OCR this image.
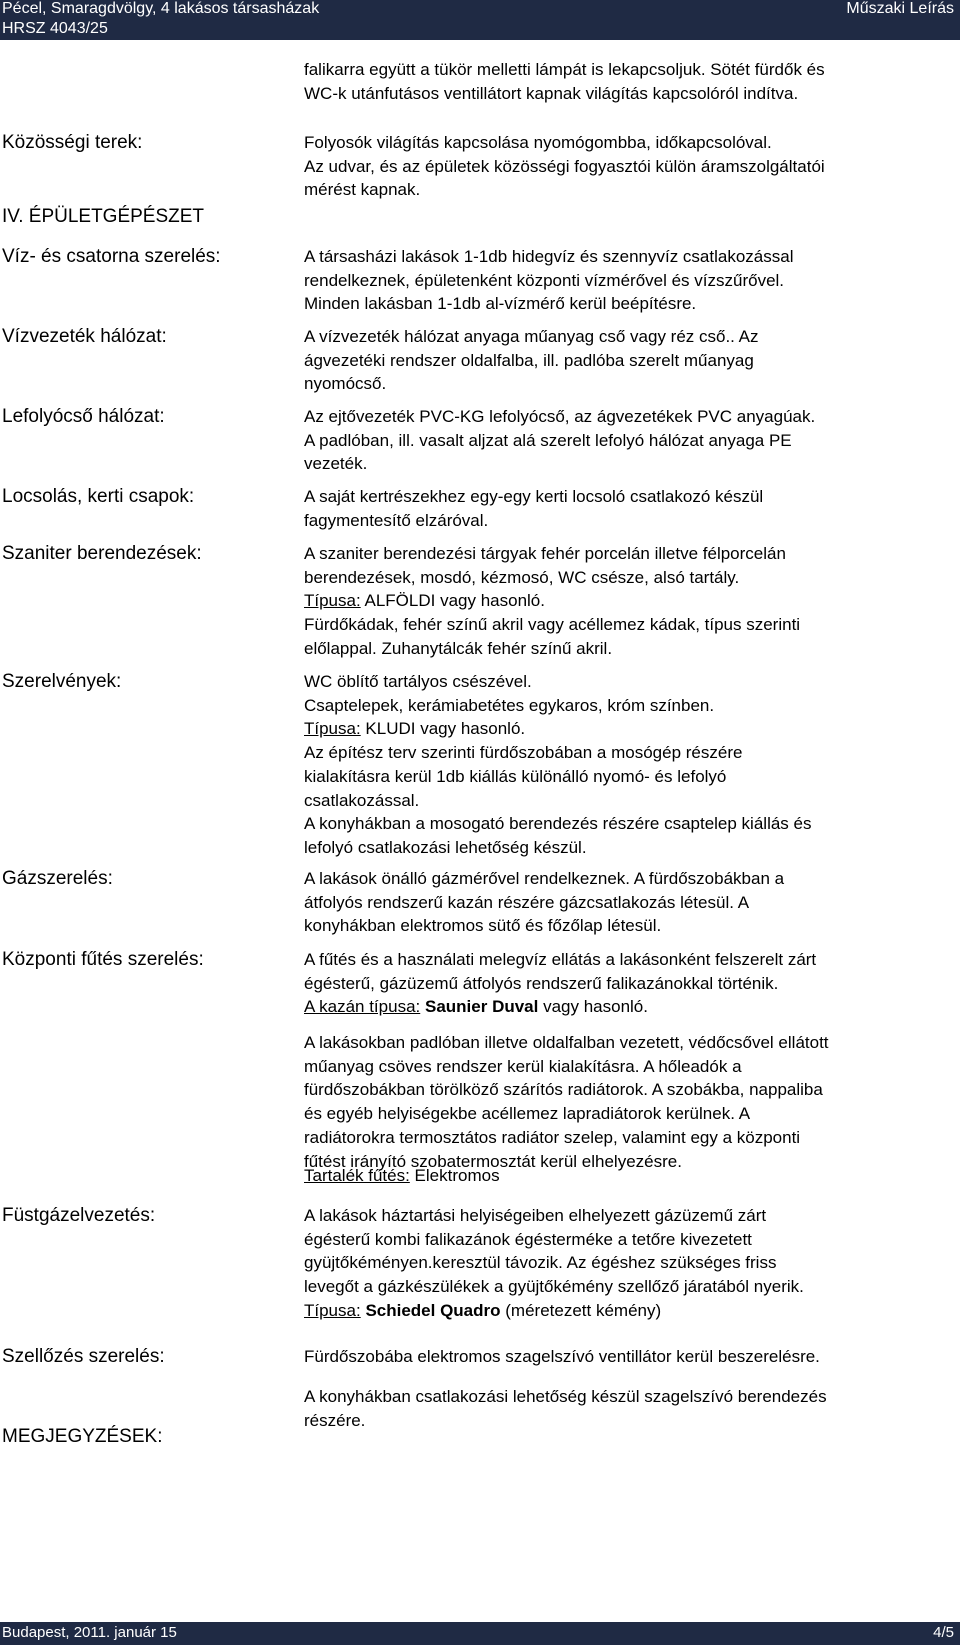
Pécel, Smaragdvölgy, 4 lakásos társasházak
HRSZ 4043/25
Műszaki Leírás
Közösségi terek:
IV. ÉPÜLETGÉPÉSZET
Víz- és csatorna szerelés:
Vízvezeték hálózat:
Lefolyócső hálózat:
Locsolás, kerti csapok:
Szaniter berendezések:
Szerelvények:
Gázszerelés:
Központi fűtés szerelés:
Füstgázelvezetés:
Szellőzés szerelés:
MEGJEGYZÉSEK:
falikarra együtt a tükör melletti lámpát is lekapcsoljuk. Sötét fürdők és
WC-k utánfutásos ventillátort kapnak világítás kapcsolóról indítva.
Folyosók világítás kapcsolása nyomógombba, időkapcsolóval.
Az udvar, és az épületek közösségi fogyasztói külön áramszolgáltatói
mérést kapnak.
A társasházi lakások 1-1db hidegvíz és szennyvíz csatlakozással
rendelkeznek, épületenként központi vízmérővel és vízszűrővel.
Minden lakásban 1-1db al-vízmérő kerül beépítésre.
A vízvezeték hálózat anyaga műanyag cső vagy réz cső.. Az
ágvezetéki rendszer oldalfalba, ill. padlóba szerelt műanyag
nyomócső.
Az ejtővezeték PVC-KG lefolyócső, az ágvezetékek PVC anyagúak.
A padlóban, ill. vasalt aljzat alá szerelt lefolyó hálózat anyaga PE
vezeték.
A saját kertrészekhez egy-egy kerti locsoló csatlakozó készül
fagymentesítő elzáróval.
A szaniter berendezési tárgyak fehér porcelán illetve félporcelán
berendezések, mosdó, kézmosó, WC csésze, alsó tartály.
Típusa: ALFÖLDI vagy hasonló.
Fürdőkádak, fehér színű akril vagy acéllemez kádak, típus szerinti
előlappal. Zuhanytálcák fehér színű akril.
WC öblítő tartályos csészével.
Csaptelepek, kerámiabetétes egykaros, króm színben.
Típusa: KLUDI vagy hasonló.
Az építész terv szerinti fürdőszobában a mosógép részére
kialakításra kerül 1db kiállás különálló nyomó- és lefolyó
csatlakozással.
A konyhákban a mosogató berendezés részére csaptelep kiállás és
lefolyó csatlakozási lehetőség készül.
A lakások önálló gázmérővel rendelkeznek. A fürdőszobákban a
átfolyós rendszerű kazán részére gázcsatlakozás létesül. A
konyhákban elektromos sütő és főzőlap létesül.
A fűtés és a használati melegvíz ellátás a lakásonként felszerelt zárt
égésterű, gázüzemű átfolyós rendszerű falikazánokkal történik.
A kazán típusa: Saunier Duval vagy hasonló.
A lakásokban padlóban illetve oldalfalban vezetett, védőcsővel ellátott
műanyag csöves rendszer kerül kialakításra. A hőleadók a
fürdőszobákban törölköző szárítós radiátorok. A szobákba, nappaliba
és egyéb helyiségekbe acéllemez lapradiátorok kerülnek. A
radiátorokra termosztátos radiátor szelep, valamint egy a központi
fűtést irányító szobatermosztát kerül elhelyezésre.
Tartalék fűtés: Elektromos
A lakások háztartási helyiségeiben elhelyezett gázüzemű zárt
égésterű kombi falikazánok égésterméke a tetőre kivezetett
gyüjtőkéményen.keresztül távozik. Az égéshez szükséges friss
levegőt a gázkészülékek a gyüjtőkémény szellőző járatából nyerik.
Típusa: Schiedel Quadro (méretezett kémény)
Fürdőszobába elektromos szagelszívó ventillátor kerül beszerelésre.
A konyhákban csatlakozási lehetőség készül szagelszívó berendezés
részére.
Budapest, 2011. január 15	4/5
